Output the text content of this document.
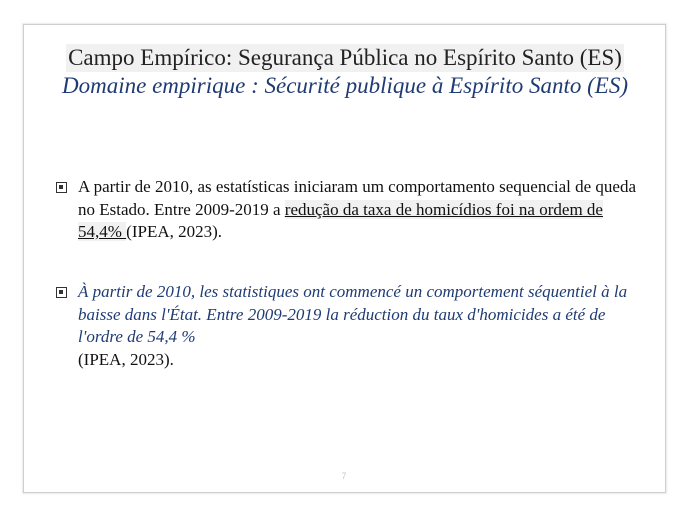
Campo Empírico: Segurança Pública no Espírito Santo (ES)
Domaine empirique : Sécurité publique à Espírito Santo (ES)
A partir de 2010, as estatísticas iniciaram um comportamento sequencial de queda no Estado. Entre 2009-2019 a redução da taxa de homicídios foi na ordem de 54,4% (IPEA, 2023).
À partir de 2010, les statistiques ont commencé un comportement séquentiel à la baisse dans l'État. Entre 2009-2019 la réduction du taux d'homicides a été de l'ordre de 54,4 %
(IPEA, 2023).
7
